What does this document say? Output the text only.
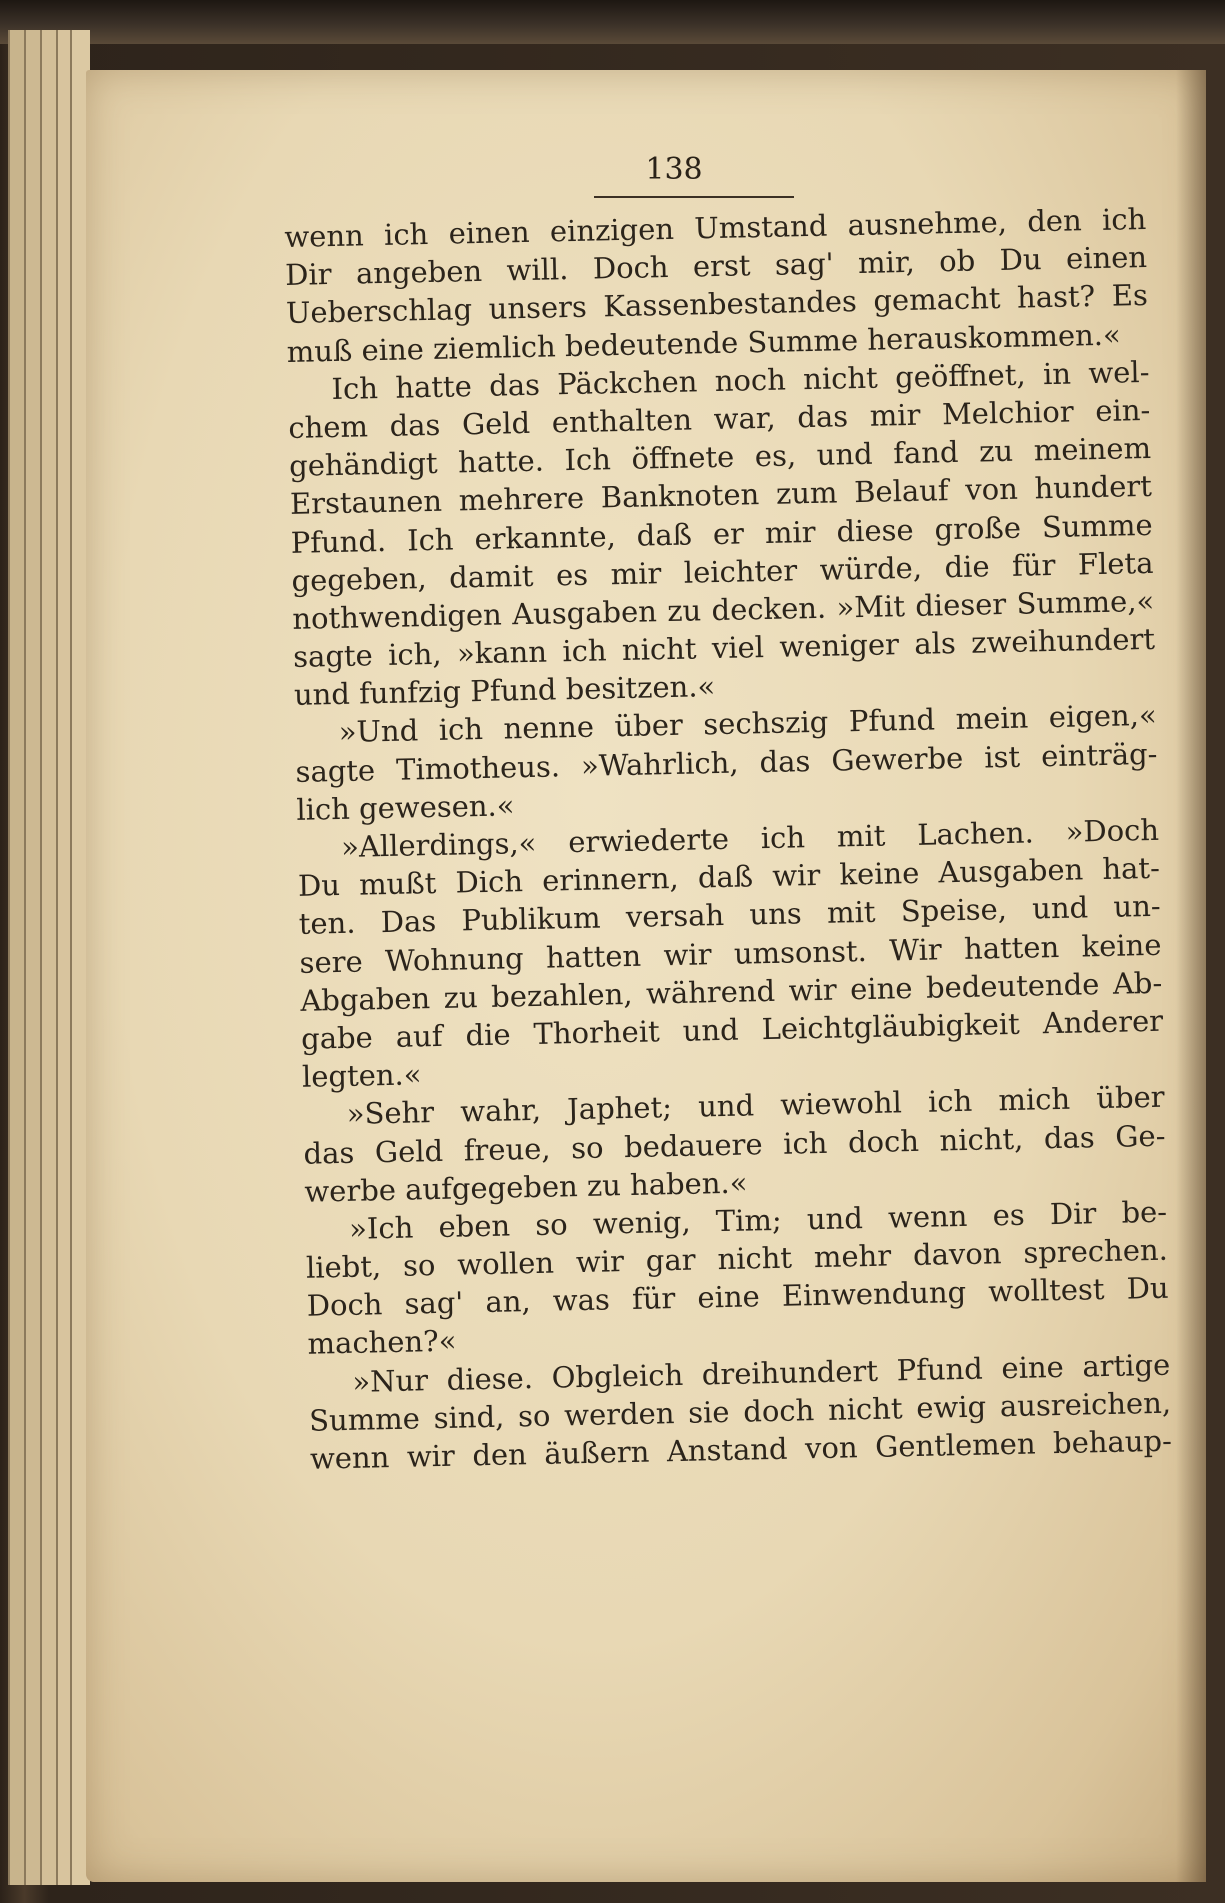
138
wenn ich einen einzigen Umstand ausnehme, den ich
Dir angeben will. Doch erst sag' mir, ob Du einen
Ueberschlag unsers Kassenbestandes gemacht hast? Es
muß eine ziemlich bedeutende Summe herauskommen.«
Ich hatte das Päckchen noch nicht geöffnet, in wel-
chem das Geld enthalten war, das mir Melchior ein-
gehändigt hatte. Ich öffnete es, und fand zu meinem
Erstaunen mehrere Banknoten zum Belauf von hundert
Pfund. Ich erkannte, daß er mir diese große Summe
gegeben, damit es mir leichter würde, die für Fleta
nothwendigen Ausgaben zu decken. »Mit dieser Summe,«
sagte ich, »kann ich nicht viel weniger als zweihundert
und funfzig Pfund besitzen.«
»Und ich nenne über sechszig Pfund mein eigen,«
sagte Timotheus. »Wahrlich, das Gewerbe ist einträg-
lich gewesen.«
»Allerdings,« erwiederte ich mit Lachen. »Doch
Du mußt Dich erinnern, daß wir keine Ausgaben hat-
ten. Das Publikum versah uns mit Speise, und un-
sere Wohnung hatten wir umsonst. Wir hatten keine
Abgaben zu bezahlen, während wir eine bedeutende Ab-
gabe auf die Thorheit und Leichtgläubigkeit Anderer
legten.«
»Sehr wahr, Japhet; und wiewohl ich mich über
das Geld freue, so bedauere ich doch nicht, das Ge-
werbe aufgegeben zu haben.«
»Ich eben so wenig, Tim; und wenn es Dir be-
liebt, so wollen wir gar nicht mehr davon sprechen.
Doch sag' an, was für eine Einwendung wolltest Du
machen?«
»Nur diese. Obgleich dreihundert Pfund eine artige
Summe sind, so werden sie doch nicht ewig ausreichen,
wenn wir den äußern Anstand von Gentlemen behaup-
